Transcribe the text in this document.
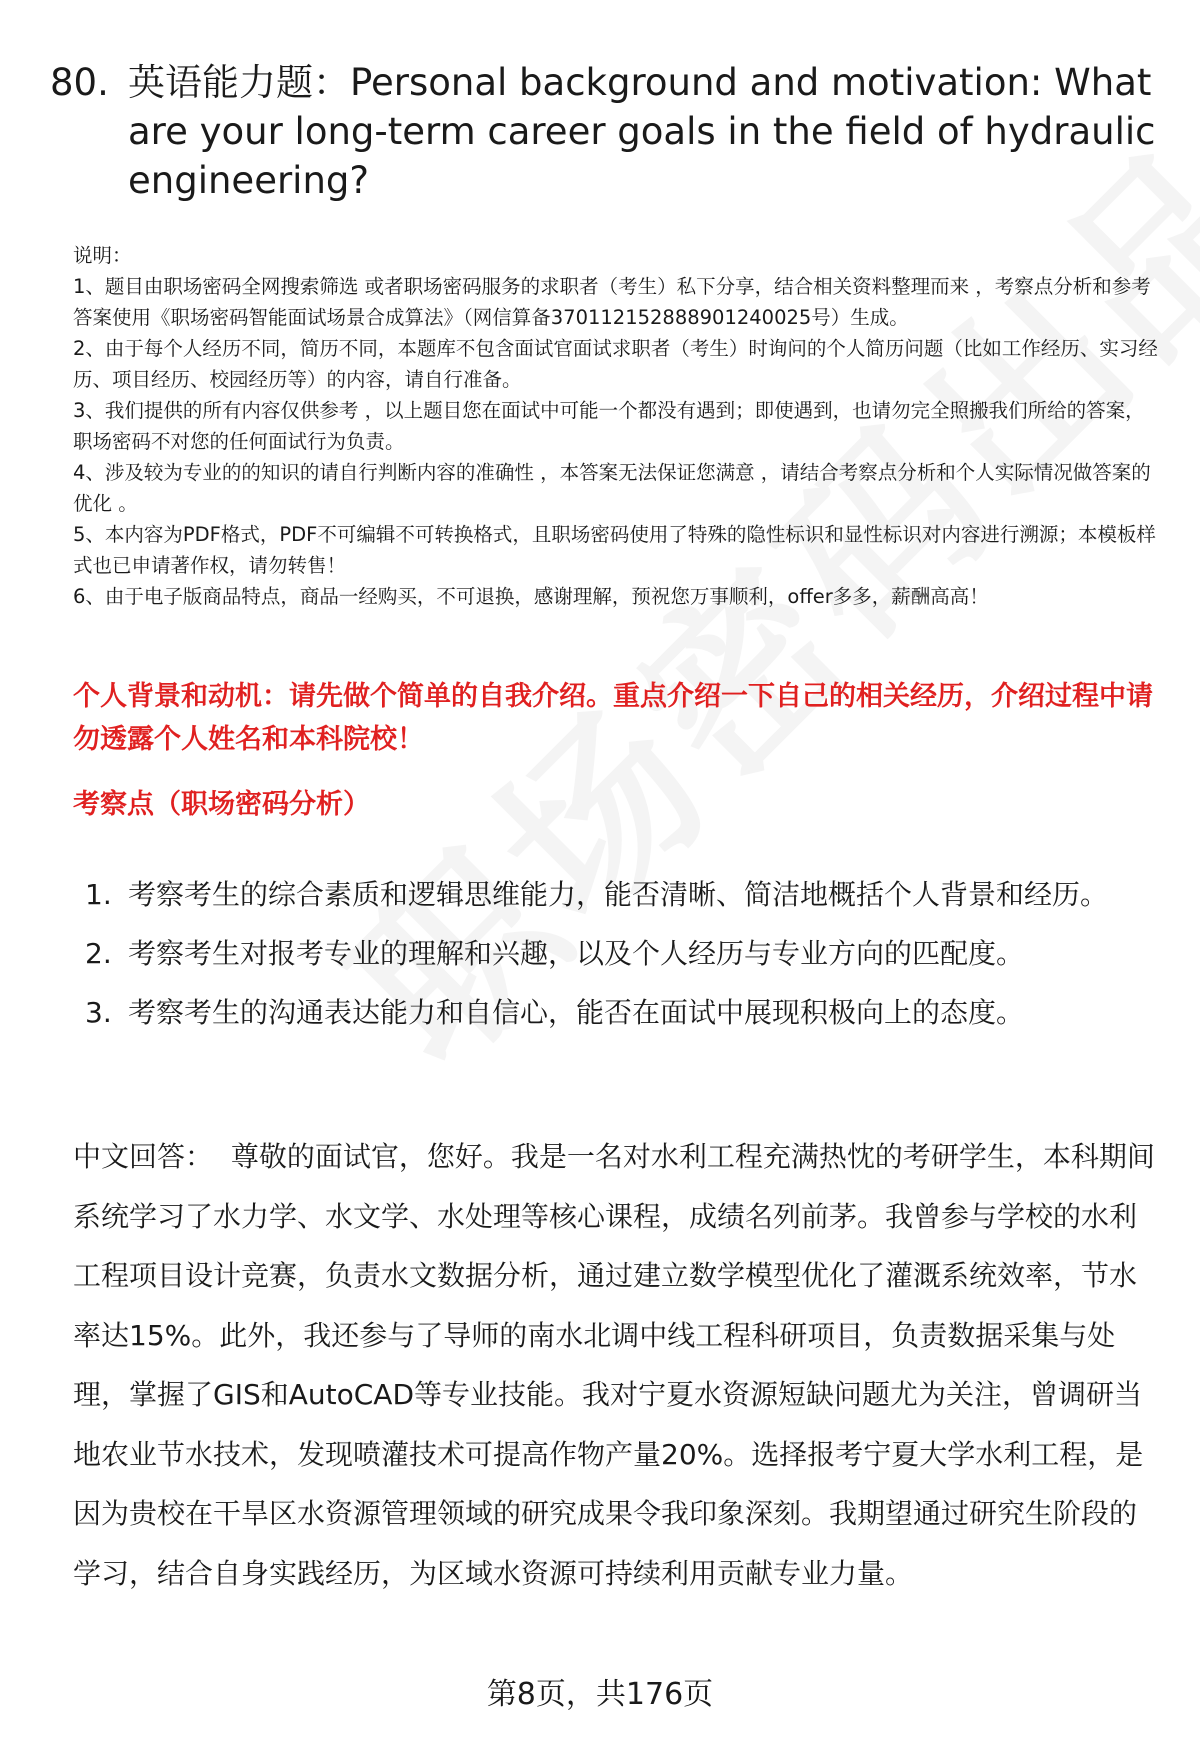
80. 英语能力题：Personal background and motivation: What are your long-term career goals in the field of hydraulic engineering?
说明：
1、题目由职场密码全网搜索筛选 或者职场密码服务的求职者（考生）私下分享，结合相关资料整理而来 ，考察点分析和参考答案使用《职场密码智能面试场景合成算法》（网信算备370112152888901240025号）生成。
2、由于每个人经历不同，简历不同，本题库不包含面试官面试求职者（考生）时询问的个人简历问题（比如工作经历、实习经历、项目经历、校园经历等）的内容，请自行准备。
3、我们提供的所有内容仅供参考 ，以上题目您在面试中可能一个都没有遇到；即使遇到，也请勿完全照搬我们所给的答案，职场密码不对您的任何面试行为负责。
4、涉及较为专业的的知识的请自行判断内容的准确性 ，本答案无法保证您满意 ，请结合考察点分析和个人实际情况做答案的优化 。
5、本内容为PDF格式，PDF不可编辑不可转换格式，且职场密码使用了特殊的隐性标识和显性标识对内容进行溯源；本模板样式也已申请著作权，请勿转售！
6、由于电子版商品特点，商品一经购买，不可退换，感谢理解，预祝您万事顺利，offer多多，薪酬高高！
个人背景和动机：请先做个简单的自我介绍。重点介绍一下自己的相关经历，介绍过程中请勿透露个人姓名和本科院校！
考察点（职场密码分析）
1. 考察考生的综合素质和逻辑思维能力，能否清晰、简洁地概括个人背景和经历。
2. 考察考生对报考专业的理解和兴趣，以及个人经历与专业方向的匹配度。
3. 考察考生的沟通表达能力和自信心，能否在面试中展现积极向上的态度。
中文回答： 尊敬的面试官，您好。我是一名对水利工程充满热忱的考研学生，本科期间系统学习了水力学、水文学、水处理等核心课程，成绩名列前茅。我曾参与学校的水利工程项目设计竞赛，负责水文数据分析，通过建立数学模型优化了灌溉系统效率，节水率达15%。此外，我还参与了导师的南水北调中线工程科研项目，负责数据采集与处理，掌握了GIS和AutoCAD等专业技能。我对宁夏水资源短缺问题尤为关注，曾调研当地农业节水技术，发现喷灌技术可提高作物产量20%。选择报考宁夏大学水利工程，是因为贵校在干旱区水资源管理领域的研究成果令我印象深刻。我期望通过研究生阶段的学习，结合自身实践经历，为区域水资源可持续利用贡献专业力量。
第8页，共176页
